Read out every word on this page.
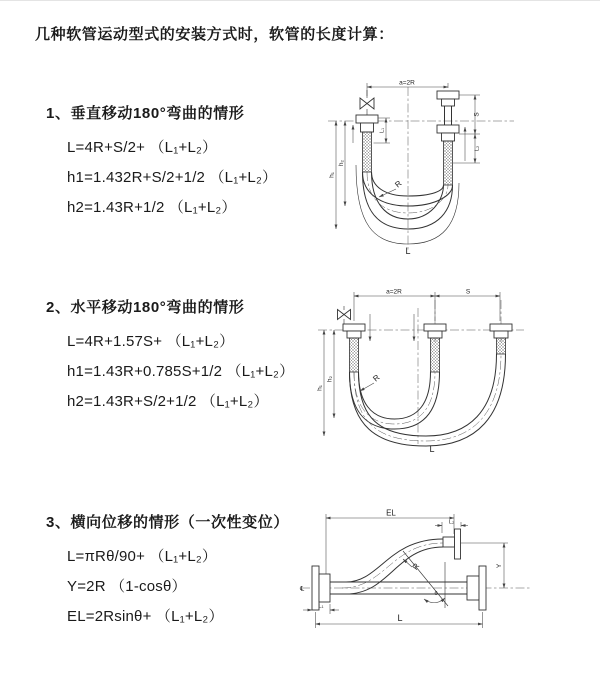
几种软管运动型式的安装方式时，软管的长度计算：
1、垂直移动180°弯曲的情形
L=4R+S/2+ （L₁+L₂）
h1=1.432R+S/2+1/2 （L₁+L₂）
h2=1.43R+1/2 （L₁+L₂）
a=2R
h₁
h₂
L₁
S
L₂
R
L
2、水平移动180°弯曲的情形
L=4R+1.57S+ （L₁+L₂）
h1=1.43R+0.785S+1/2 （L₁+L₂）
h2=1.43R+S/2+1/2 （L₁+L₂）
a=2R	S
h₁
h₂	R
L
3、横向位移的情形（一次性变位）
L=πRθ/90+ （L₁+L₂）
Y=2R （1-cosθ）
EL=2Rsinθ+ （L₁+L₂）
℄
EL
L₂
Y
θ
L
L₁
R
